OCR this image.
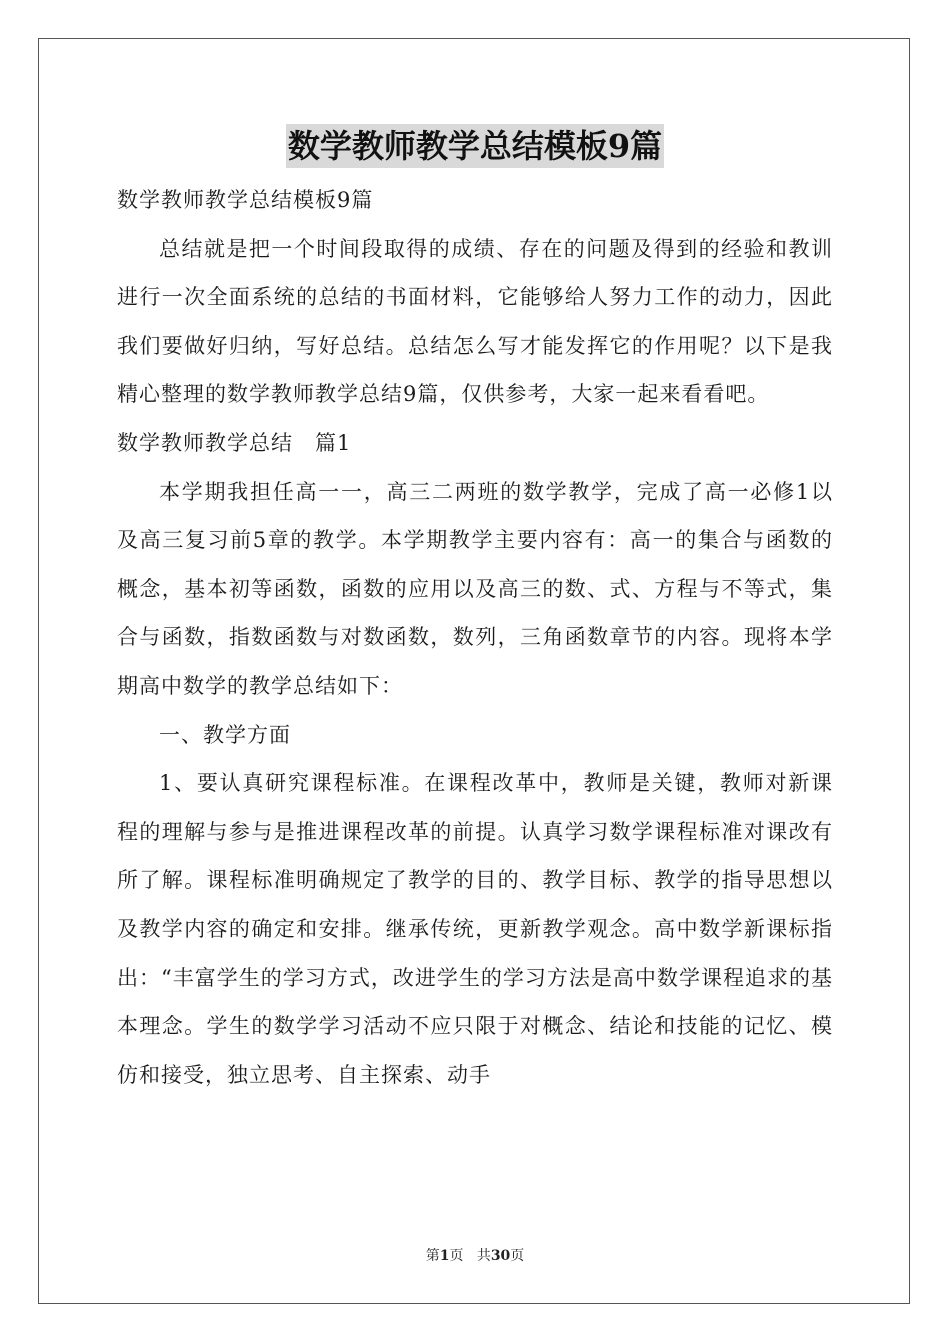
数学教师教学总结模板9篇

数学教师教学总结模板9篇

总结就是把一个时间段取得的成绩、存在的问题及得到的经验和教训进行一次全面系统的总结的书面材料，它能够给人努力工作的动力，因此我们要做好归纳，写好总结。总结怎么写才能发挥它的作用呢？以下是我精心整理的数学教师教学总结9篇，仅供参考，大家一起来看看吧。

数学教师教学总结　篇1

本学期我担任高一一，高三二两班的数学教学，完成了高一必修1以及高三复习前5章的教学。本学期教学主要内容有：高一的集合与函数的概念，基本初等函数，函数的应用以及高三的数、式、方程与不等式，集合与函数，指数函数与对数函数，数列，三角函数章节的内容。现将本学期高中数学的教学总结如下：

一、教学方面

1、要认真研究课程标准。在课程改革中，教师是关键，教师对新课程的理解与参与是推进课程改革的前提。认真学习数学课程标准对课改有所了解。课程标准明确规定了教学的目的、教学目标、教学的指导思想以及教学内容的确定和安排。继承传统，更新教学观念。高中数学新课标指出：“丰富学生的学习方式，改进学生的学习方法是高中数学课程追求的基本理念。学生的数学学习活动不应只限于对概念、结论和技能的记忆、模仿和接受，独立思考、自主探索、动手

第1页 共30页
